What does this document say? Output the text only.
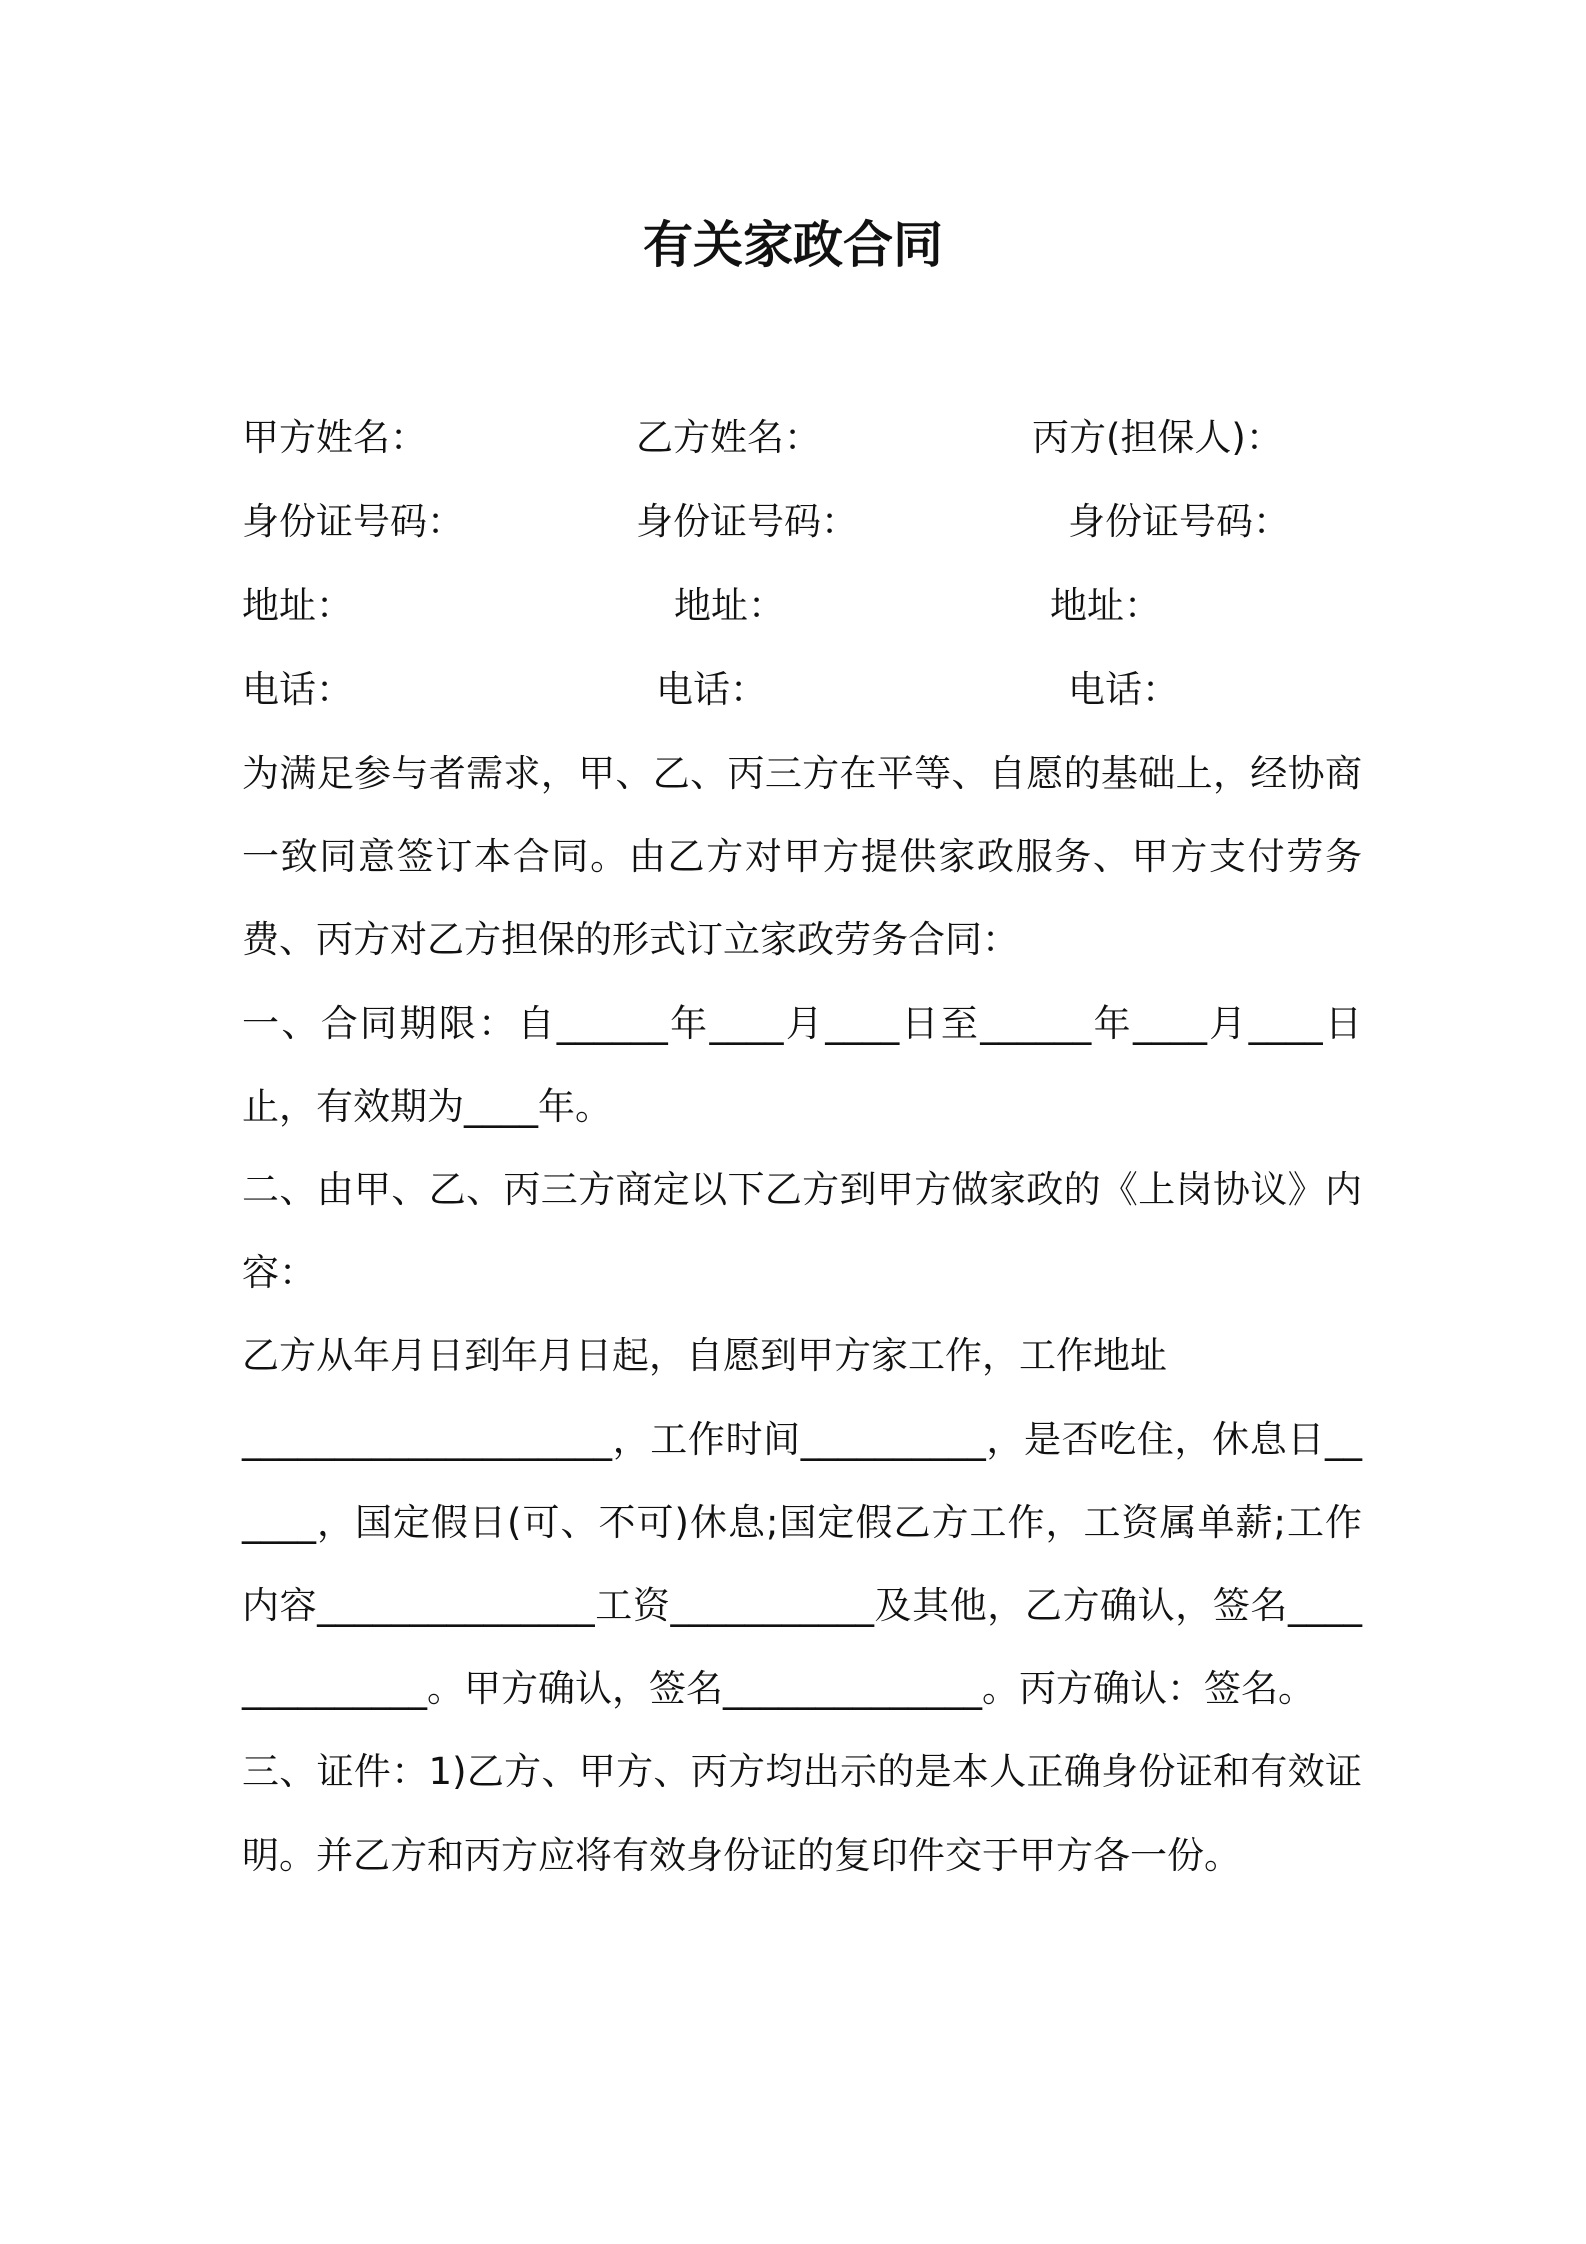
有关家政合同
甲方姓名：	乙方姓名：	丙方(担保人)：
身份证号码：	身份证号码：	身份证号码：
地址：	地址：	地址：
电话：	电话：	电话：

为满足参与者需求，甲、乙、丙三方在平等、自愿的基础上，经协商一致同意签订本合同。由乙方对甲方提供家政服务、甲方支付劳务费、丙方对乙方担保的形式订立家政劳务合同：

一、合同期限：自______年____月____日至______年____月____日止，有效期为____年。

二、由甲、乙、丙三方商定以下乙方到甲方做家政的《上岗协议》内容：

乙方从年月日到年月日起，自愿到甲方家工作，工作地址

____________________，工作时间__________，是否吃住，休息日______，国定假日(可、不可)休息;国定假乙方工作，工资属单薪;工作内容_______________工资___________及其他，乙方确认，签名______________。甲方确认，签名______________。丙方确认：签名。

三、证件：1)乙方、甲方、丙方均出示的是本人正确身份证和有效证明。并乙方和丙方应将有效身份证的复印件交于甲方各一份。
